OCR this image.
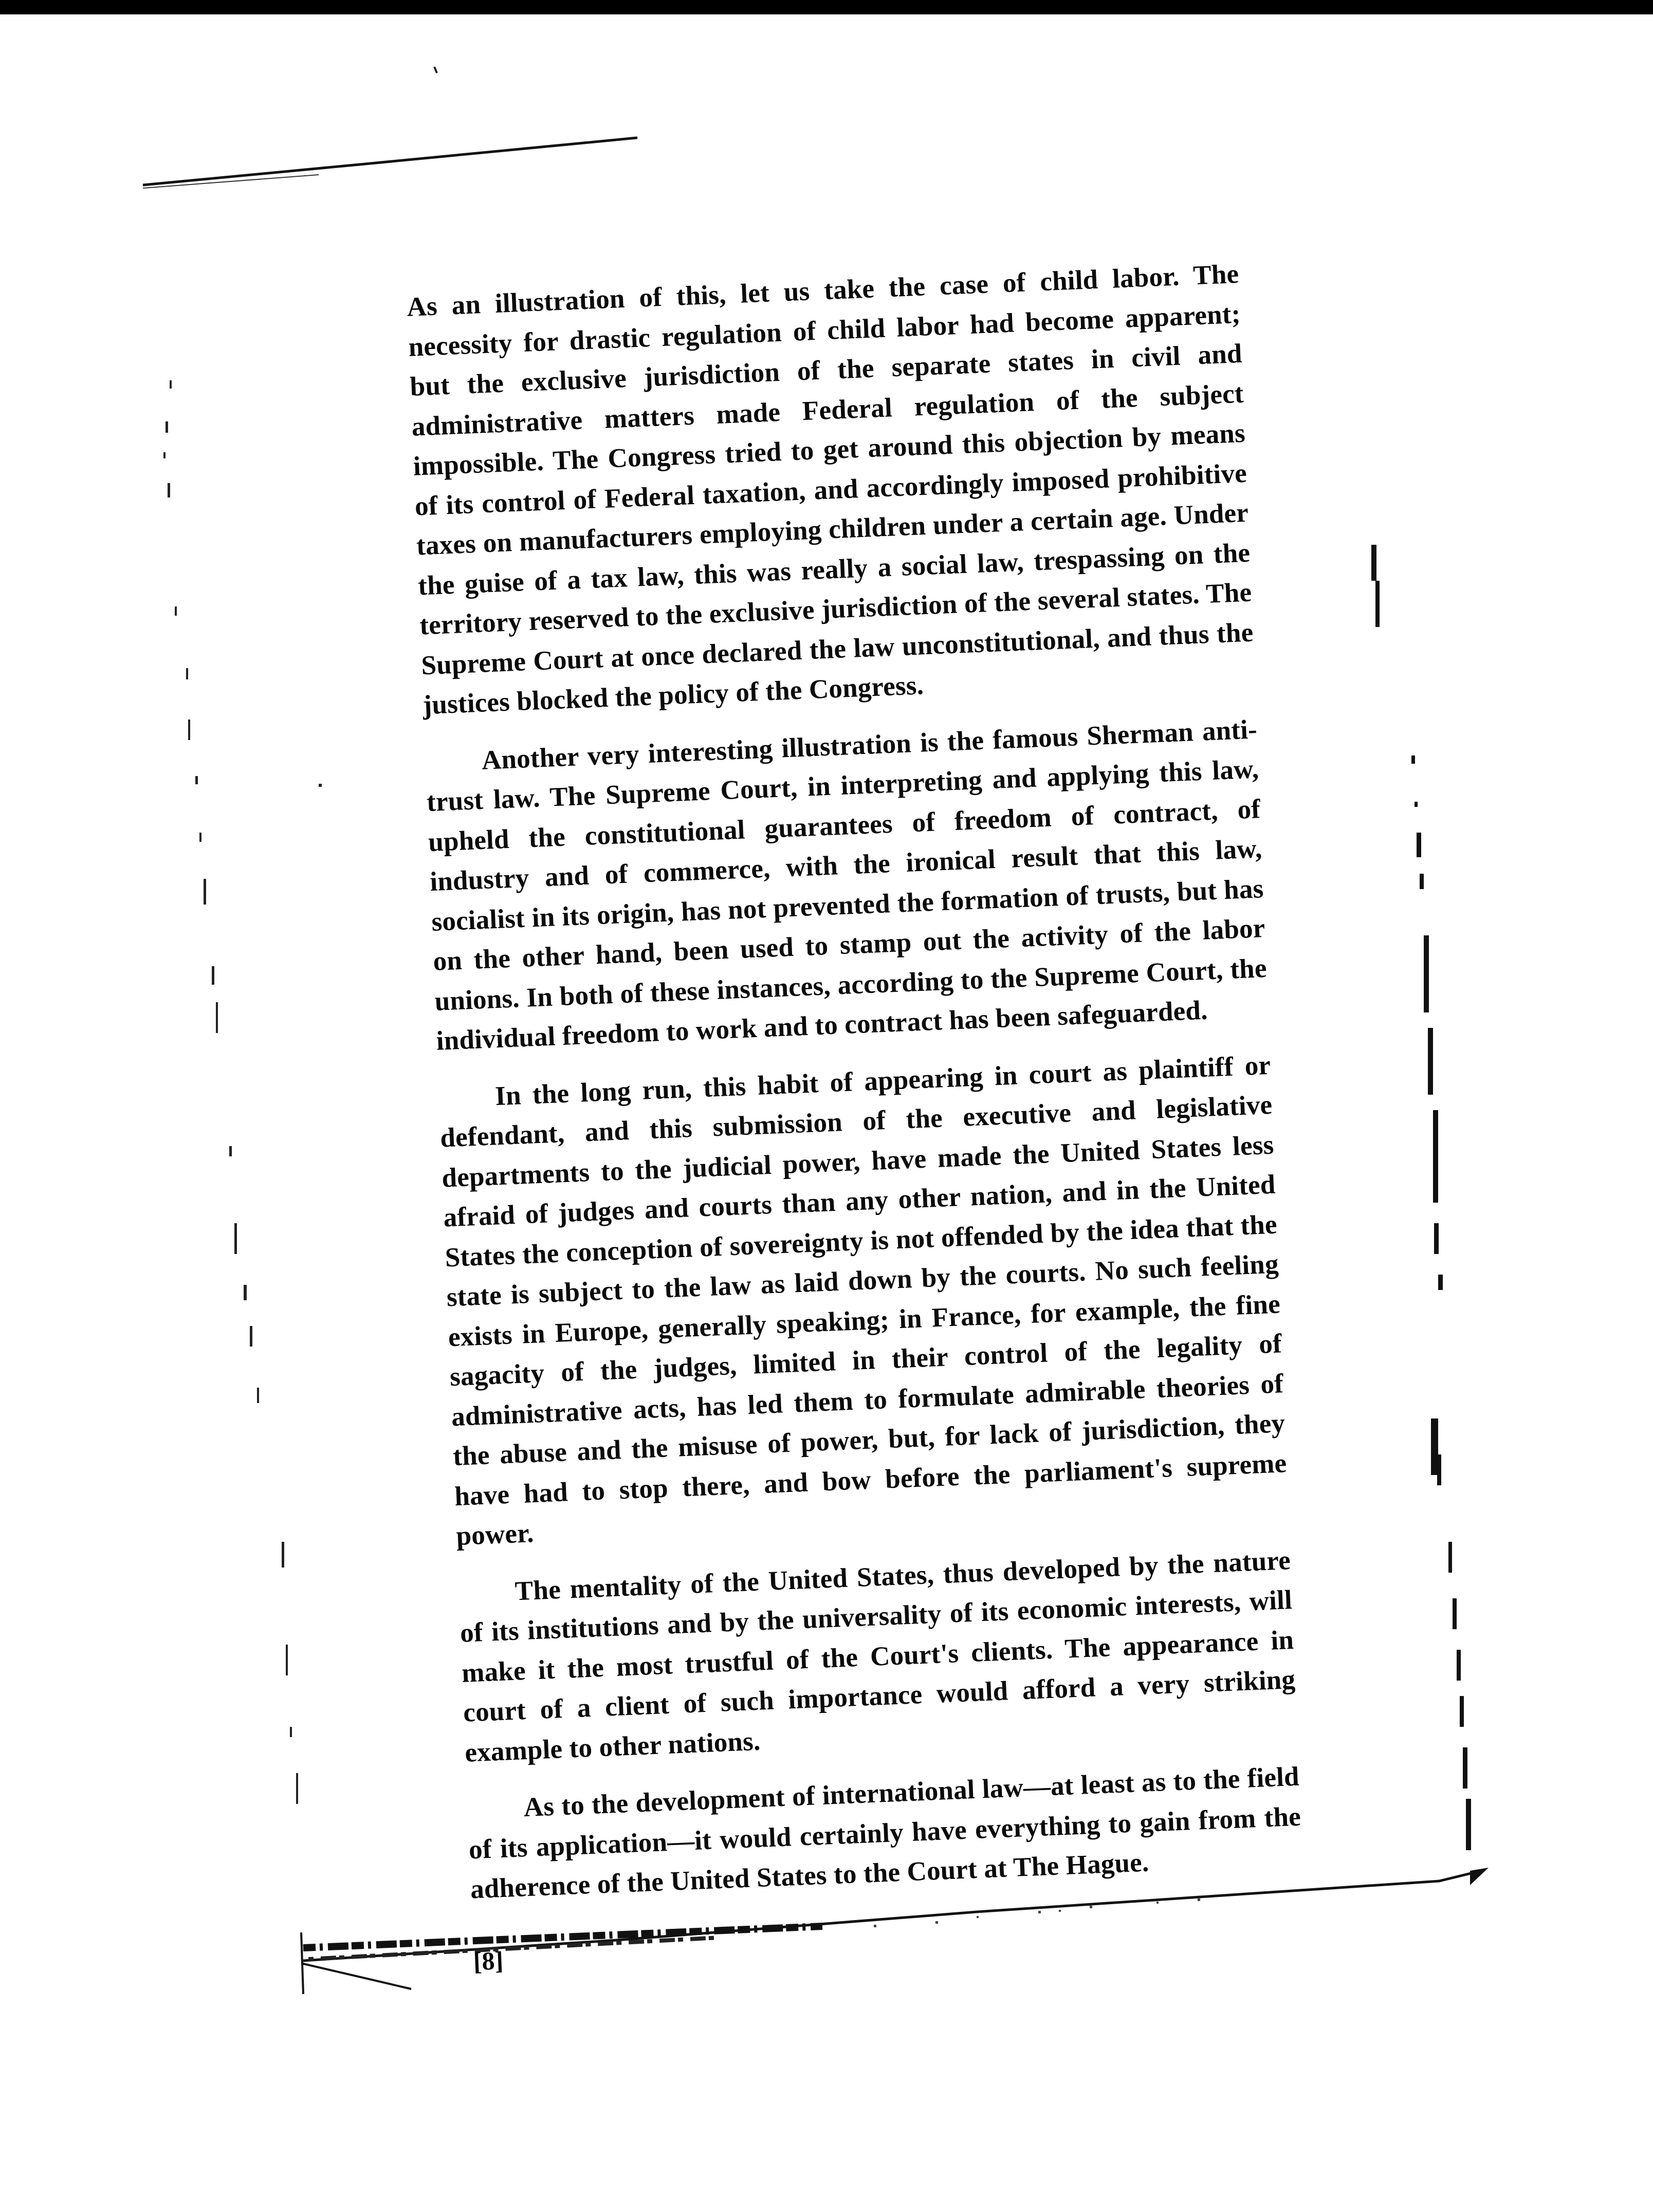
As an illustration of this, let us take the case of child labor. The necessity for drastic regulation of child labor had become apparent; but the exclusive jurisdiction of the separate states in civil and administrative matters made Federal regulation of the subject impossible. The Congress tried to get around this objection by means of its control of Federal taxation, and accordingly imposed prohibitive taxes on manufacturers employing children under a certain age. Under the guise of a tax law, this was really a social law, trespassing on the territory reserved to the exclusive jurisdiction of the several states. The Supreme Court at once declared the law unconstitutional, and thus the justices blocked the policy of the Congress.

Another very interesting illustration is the famous Sherman anti-trust law. The Supreme Court, in interpreting and applying this law, upheld the constitutional guarantees of freedom of contract, of industry and of commerce, with the ironical result that this law, socialist in its origin, has not prevented the formation of trusts, but has on the other hand, been used to stamp out the activity of the labor unions. In both of these instances, according to the Supreme Court, the individual freedom to work and to contract has been safeguarded.

In the long run, this habit of appearing in court as plaintiff or defendant, and this submission of the executive and legislative departments to the judicial power, have made the United States less afraid of judges and courts than any other nation, and in the United States the conception of sovereignty is not offended by the idea that the state is subject to the law as laid down by the courts. No such feeling exists in Europe, generally speaking; in France, for example, the fine sagacity of the judges, limited in their control of the legality of administrative acts, has led them to formulate admirable theories of the abuse and the misuse of power, but, for lack of jurisdiction, they have had to stop there, and bow before the parliament's supreme power.

The mentality of the United States, thus developed by the nature of its institutions and by the universality of its economic interests, will make it the most trustful of the Court's clients. The appearance in court of a client of such importance would afford a very striking example to other nations.

As to the development of international law—at least as to the field of its application—it would certainly have everything to gain from the adherence of the United States to the Court at The Hague.

[8]
